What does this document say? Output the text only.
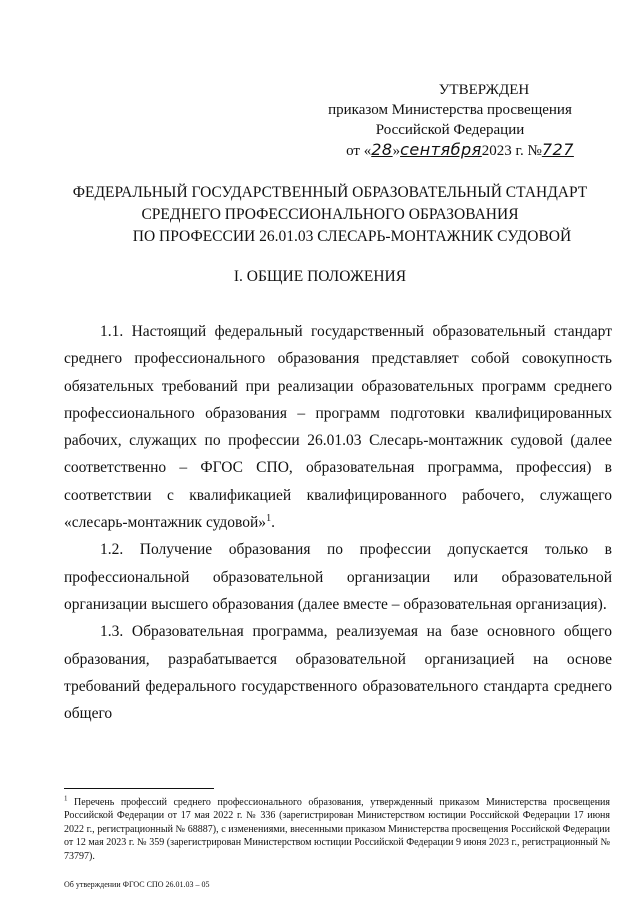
УТВЕРЖДЕН
приказом Министерства просвещения
Российской Федерации
от «28»сентября2023 г. №727
ФЕДЕРАЛЬНЫЙ ГОСУДАРСТВЕННЫЙ ОБРАЗОВАТЕЛЬНЫЙ СТАНДАРТ
СРЕДНЕГО ПРОФЕССИОНАЛЬНОГО ОБРАЗОВАНИЯ
ПО ПРОФЕССИИ 26.01.03 СЛЕСАРЬ-МОНТАЖНИК СУДОВОЙ
I. ОБЩИЕ ПОЛОЖЕНИЯ

1.1. Настоящий федеральный государственный образовательный стандарт среднего профессионального образования представляет собой совокупность обязательных требований при реализации образовательных программ среднего профессионального образования – программ подготовки квалифицированных рабочих, служащих по профессии 26.01.03 Слесарь-монтажник судовой (далее соответственно – ФГОС СПО, образовательная программа, профессия) в соответствии с квалификацией квалифицированного рабочего, служащего «слесарь-монтажник судовой»$^1$.

1.2. Получение образования по профессии допускается только в профессиональной образовательной организации или образовательной организации высшего образования (далее вместе – образовательная организация).

1.3. Образовательная программа, реализуемая на базе основного общего образования, разрабатывается образовательной организацией на основе требований федерального государственного образовательного стандарта среднего общего

$^1$ Перечень профессий среднего профессионального образования, утвержденный приказом Министерства просвещения Российской Федерации от 17 мая 2022 г. № 336 (зарегистрирован Министерством юстиции Российской Федерации 17 июня 2022 г., регистрационный № 68887), с изменениями, внесенными приказом Министерства просвещения Российской Федерации от 12 мая 2023 г. № 359 (зарегистрирован Министерством юстиции Российской Федерации 9 июня 2023 г., регистрационный № 73797).
Об утверждении ФГОС СПО 26.01.03 – 05
